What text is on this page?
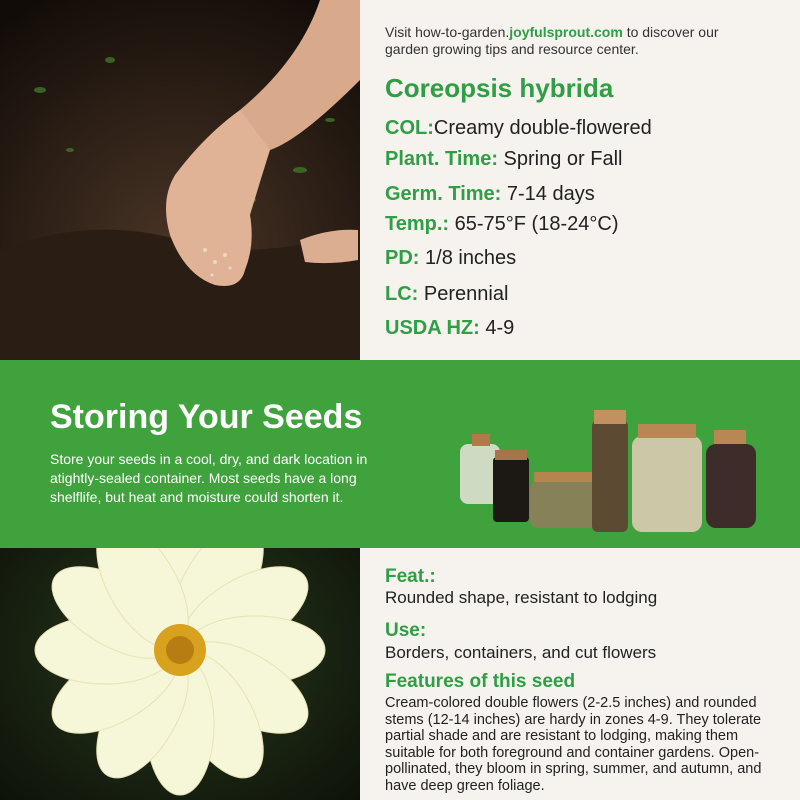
Visit how-to-garden.joyfulsprout.com to discover our garden growing tips and resource center.
Coreopsis hybrida
COL:Creamy double-flowered
Plant. Time: Spring or Fall
Germ. Time: 7-14 days
Temp.: 65-75°F (18-24°C)
PD: 1/8 inches
LC: Perennial
USDA HZ: 4-9
Storing Your Seeds
Store your seeds in a cool, dry, and dark location in atightly-sealed container. Most seeds have a long shelflife, but heat and moisture could shorten it.
Feat.:
Rounded shape, resistant to lodging
Use:
Borders, containers, and cut flowers
Features of this seed
Cream-colored double flowers (2-2.5 inches) and rounded stems (12-14 inches) are hardy in zones 4-9. They tolerate partial shade and are resistant to lodging, making them suitable for both foreground and container gardens. Open-pollinated, they bloom in spring, summer, and autumn, and have deep green foliage.
